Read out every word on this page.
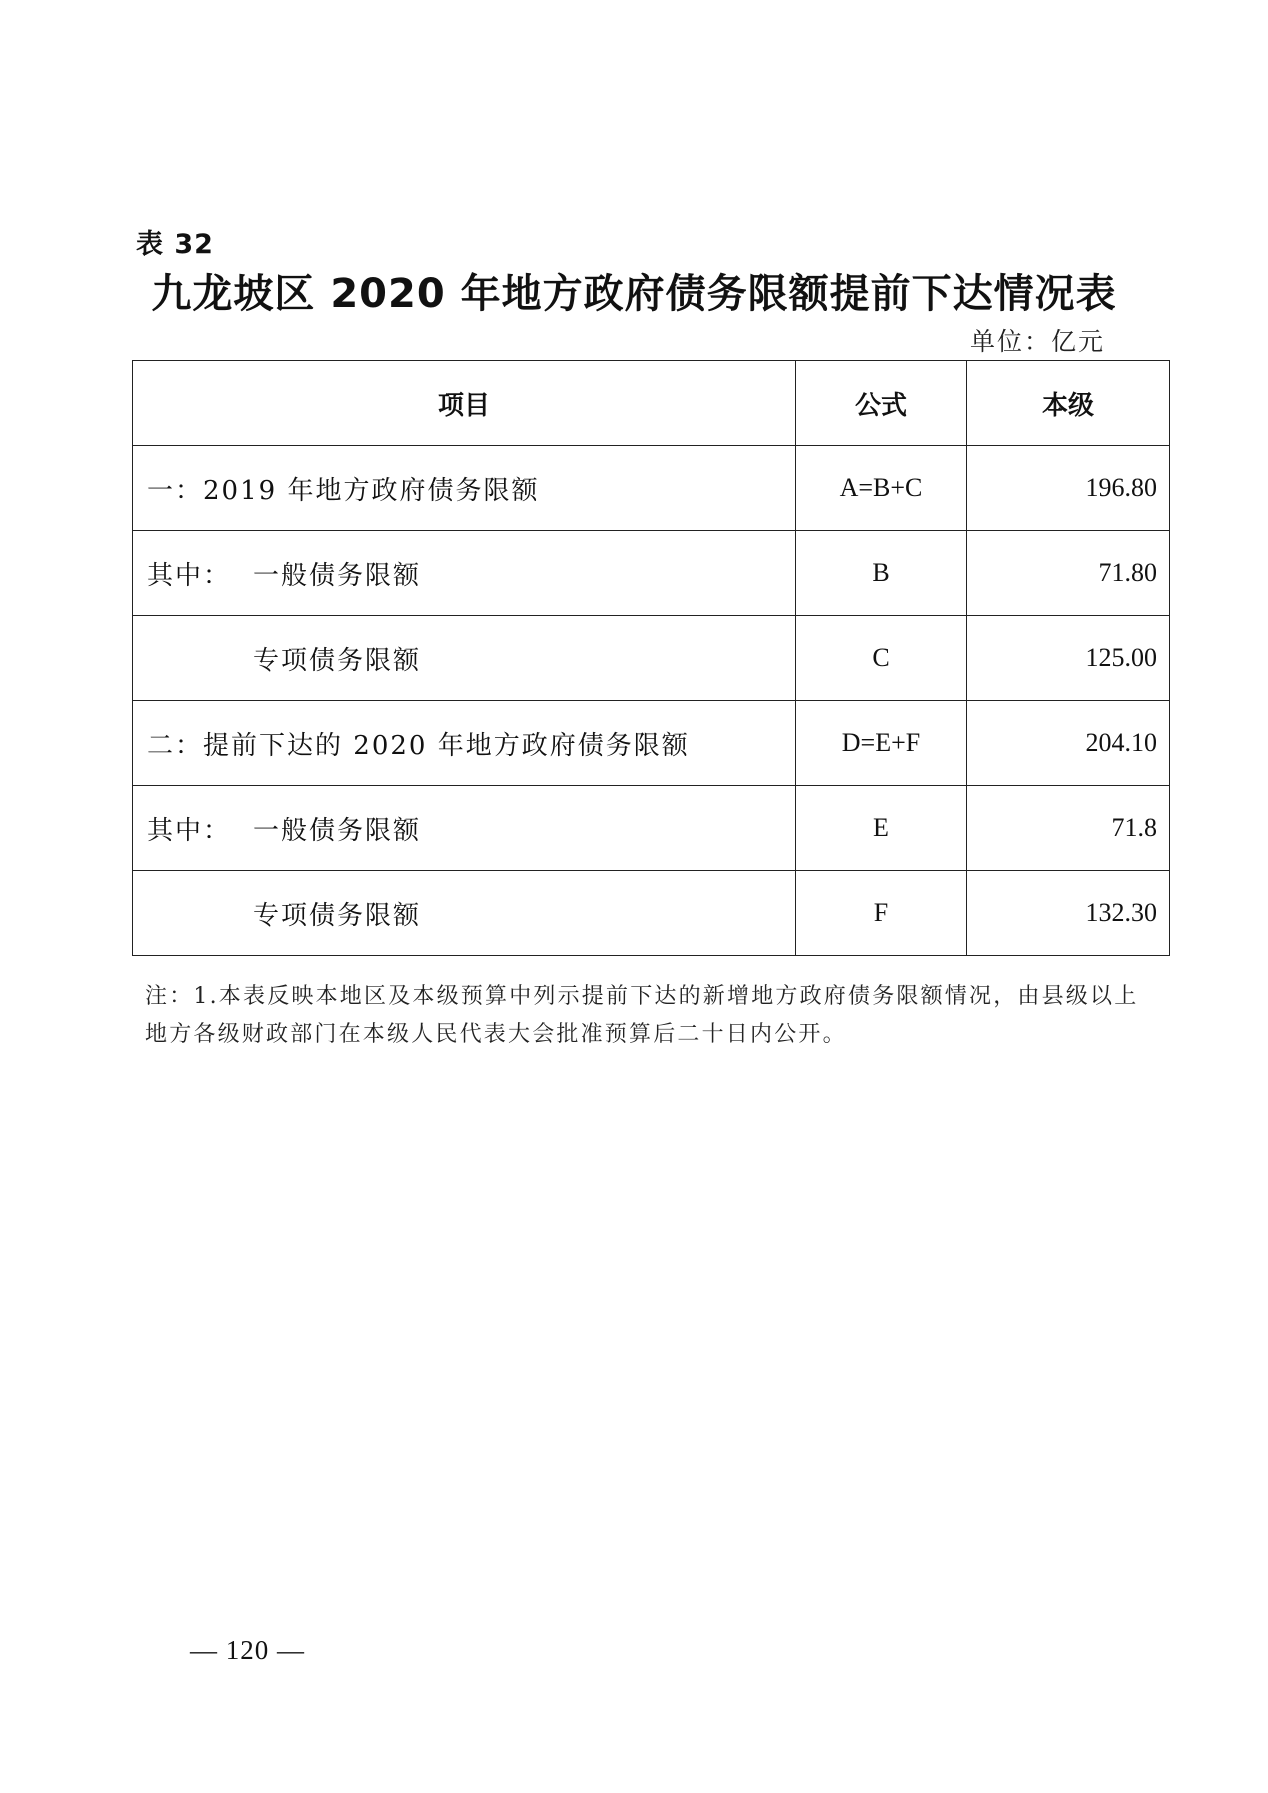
表 32
九龙坡区 2020 年地方政府债务限额提前下达情况表
单位：亿元
项目	公式	本级
一：2019 年地方政府债务限额	A=B+C	196.80
其中： 一般债务限额	B	71.80
专项债务限额	C	125.00
二：提前下达的 2020 年地方政府债务限额	D=E+F	204.10
其中： 一般债务限额	E	71.8
专项债务限额	F	132.30
注：1.本表反映本地区及本级预算中列示提前下达的新增地方政府债务限额情况，由县级以上地方各级财政部门在本级人民代表大会批准预算后二十日内公开。
— 120 —
